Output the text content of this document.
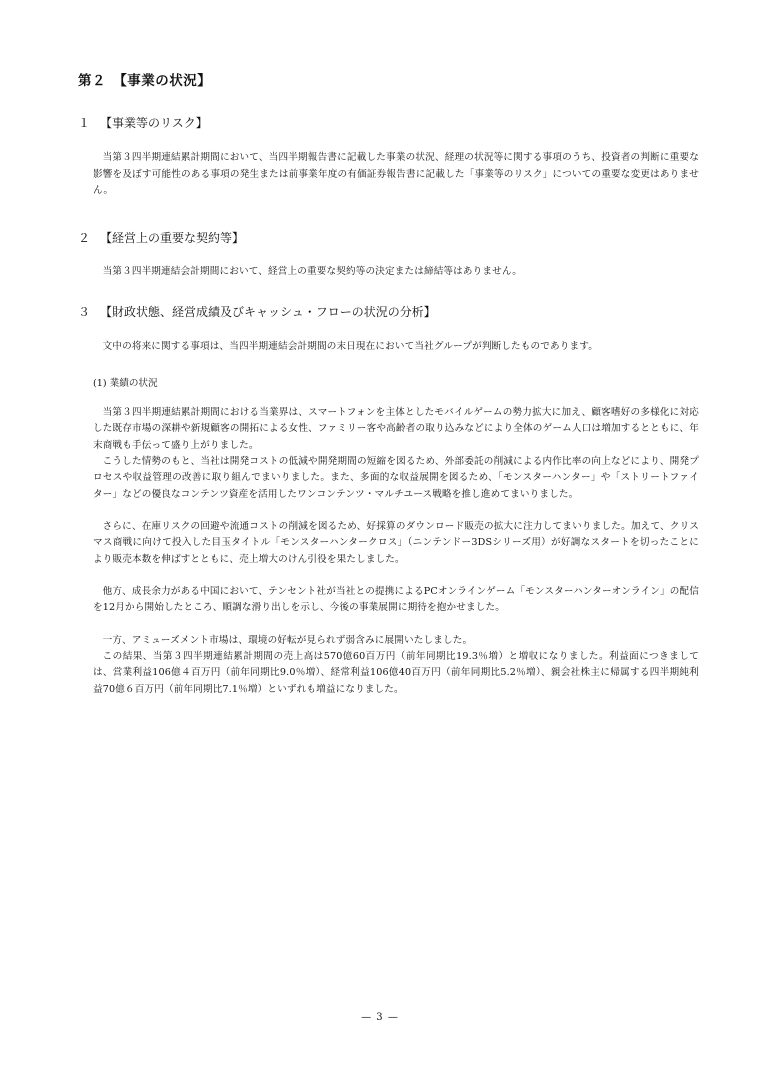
第２　【事業の状況】
１ 【事業等のリスク】

当第３四半期連結累計期間において、当四半期報告書に記載した事業の状況、経理の状況等に関する事項のうち、投資者の判断に重要な影響を及ぼす可能性のある事項の発生または前事業年度の有価証券報告書に記載した「事業等のリスク」についての重要な変更はありません。

２ 【経営上の重要な契約等】

当第３四半期連結会計期間において、経営上の重要な契約等の決定または締結等はありません。

３ 【財政状態、経営成績及びキャッシュ・フローの状況の分析】

文中の将来に関する事項は、当四半期連結会計期間の末日現在において当社グループが判断したものであります。

(1) 業績の状況

当第３四半期連結累計期間における当業界は、スマートフォンを主体としたモバイルゲームの勢力拡大に加え、顧客嗜好の多様化に対応した既存市場の深耕や新規顧客の開拓による女性、ファミリー客や高齢者の取り込みなどにより全体のゲーム人口は増加するとともに、年末商戦も手伝って盛り上がりました。

こうした情勢のもと、当社は開発コストの低減や開発期間の短縮を図るため、外部委託の削減による内作比率の向上などにより、開発プロセスや収益管理の改善に取り組んでまいりました。また、多面的な収益展開を図るため、「モンスターハンター」や「ストリートファイター」などの優良なコンテンツ資産を活用したワンコンテンツ・マルチユース戦略を推し進めてまいりました。

さらに、在庫リスクの回避や流通コストの削減を図るため、好採算のダウンロード販売の拡大に注力してまいりました。加えて、クリスマス商戦に向けて投入した目玉タイトル「モンスターハンタークロス」（ニンテンドー3DSシリーズ用）が好調なスタートを切ったことにより販売本数を伸ばすとともに、売上増大のけん引役を果たしました。

他方、成長余力がある中国において、テンセント社が当社との提携によるPCオンラインゲーム「モンスターハンターオンライン」の配信を12月から開始したところ、順調な滑り出しを示し、今後の事業展開に期待を抱かせました。

一方、アミューズメント市場は、環境の好転が見られず弱含みに展開いたしました。

この結果、当第３四半期連結累計期間の売上高は570億60百万円（前年同期比19.3％増）と増収になりました。利益面につきましては、営業利益106億４百万円（前年同期比9.0％増）、経常利益106億40百万円（前年同期比5.2％増）、親会社株主に帰属する四半期純利益70億６百万円（前年同期比7.1％増）といずれも増益になりました。

— 3 —
